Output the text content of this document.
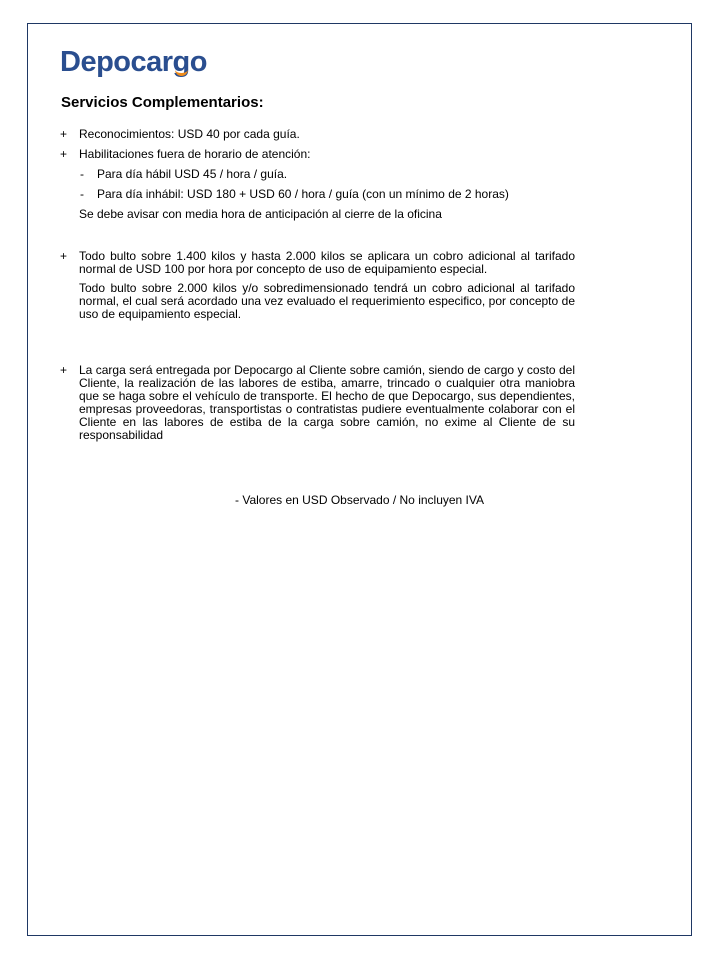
Depocargo
Servicios Complementarios:
+ Reconocimientos: USD 40 por cada guía.
+ Habilitaciones fuera de horario de atención:
-	Para día hábil USD 45 / hora / guía.
-	Para día inhábil: USD 180 + USD 60 / hora / guía (con un mínimo de 2 horas)
Se debe avisar con media hora de anticipación al cierre de la oficina
+ Todo bulto sobre 1.400 kilos y hasta 2.000 kilos se aplicara un cobro adicional al tarifado normal de USD 100 por hora por concepto de uso de equipamiento especial.
Todo bulto sobre 2.000 kilos y/o sobredimensionado tendrá un cobro adicional al tarifado normal, el cual será acordado una vez evaluado el requerimiento especifico, por concepto de uso de equipamiento especial.
+ La carga será entregada por Depocargo al Cliente sobre camión, siendo de cargo y costo del Cliente, la realización de las labores de estiba, amarre, trincado o cualquier otra maniobra que se haga sobre el vehículo de transporte. El hecho de que Depocargo, sus dependientes, empresas proveedoras, transportistas o contratistas pudiere eventualmente colaborar con el Cliente en las labores de estiba de la carga sobre camión, no exime al Cliente de su responsabilidad
- Valores en USD Observado / No incluyen IVA
